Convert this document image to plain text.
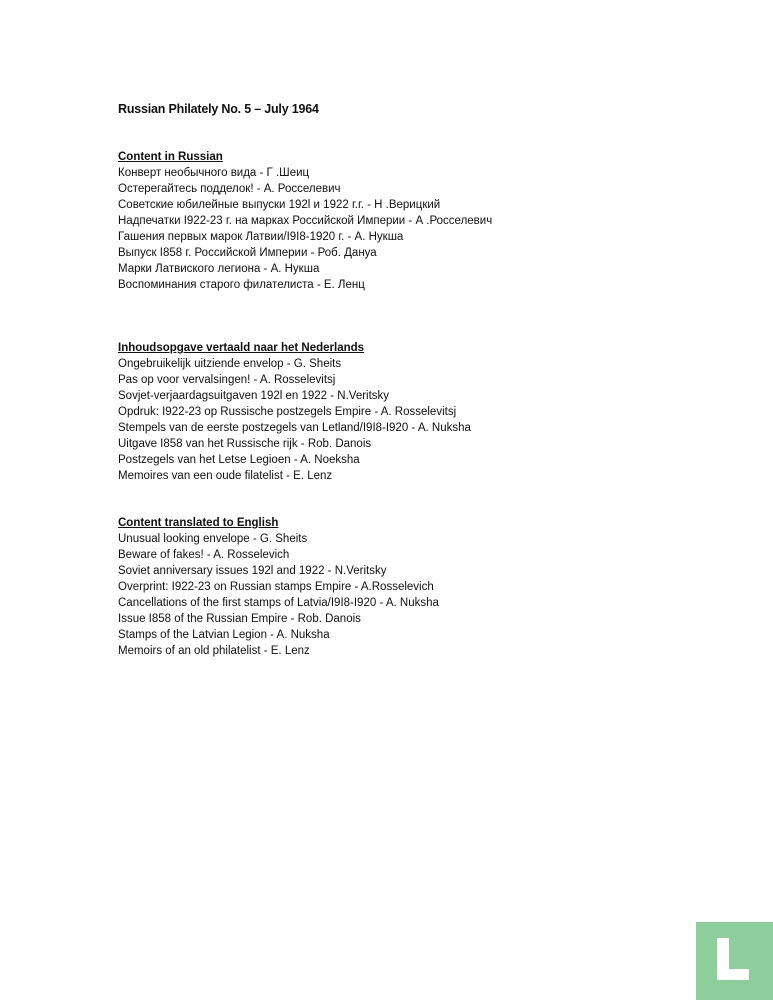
Russian Philately No. 5 – July 1964
Content in Russian
Конверт необычного вида - Г .Шеиц
Остерегайтесь подделок! - А. Росселевич
Советские юбилейные выпуски 192l и 1922 г.г. - Н .Верицкий
Надпечатки I922-23 г. на марках Российской Империи - А .Росселевич
Гашения первых марок Латвии/I9I8-1920 г. - А. Нукша
Выпуск I858 г. Российской Империи - Роб. Дануа
Марки Латвиского легиона - А. Нукша
Воспоминания старого филателиста - Е. Ленц
Inhoudsopgave vertaald naar het Nederlands
Ongebruikelijk uitziende envelop - G. Sheits
Pas op voor vervalsingen! - A. Rosselevitsj
Sovjet-verjaardagsuitgaven 192l en 1922 - N.Veritsky
Opdruk: I922-23 op Russische postzegels Empire - A. Rosselevitsj
Stempels van de eerste postzegels van Letland/I9I8-I920 - A. Nuksha
Uitgave I858 van het Russische rijk - Rob. Danois
Postzegels van het Letse Legioen - A. Noeksha
Memoires van een oude filatelist - E. Lenz
Content translated to English
Unusual looking envelope - G. Sheits
Beware of fakes! - A. Rosselevich
Soviet anniversary issues 192l and 1922 - N.Veritsky
Overprint: I922-23 on Russian stamps Empire - A.Rosselevich
Cancellations of the first stamps of Latvia/I9I8-I920 - A. Nuksha
Issue I858 of the Russian Empire - Rob. Danois
Stamps of the Latvian Legion - A. Nuksha
Memoirs of an old philatelist - E. Lenz
